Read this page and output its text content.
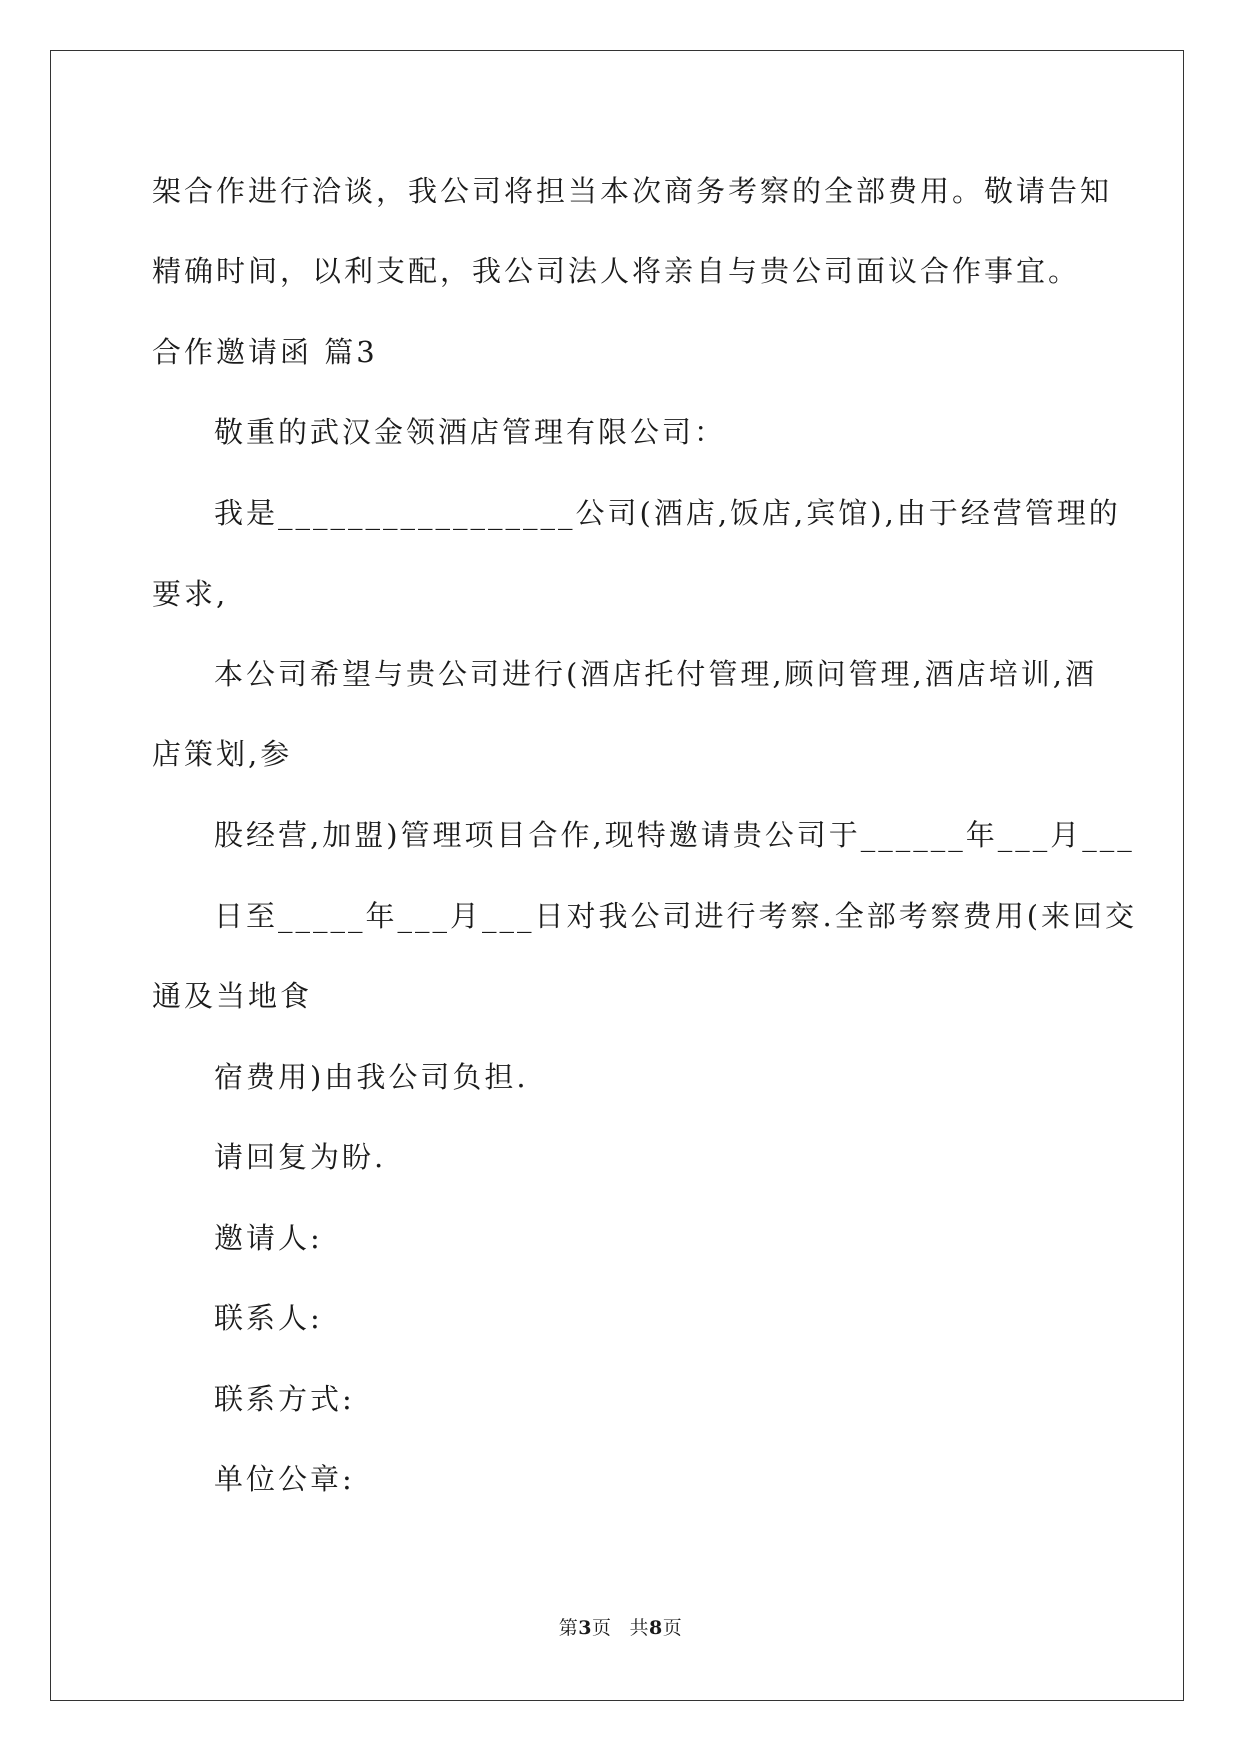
架合作进行洽谈，我公司将担当本次商务考察的全部费用。敬请告知
精确时间，以利支配，我公司法人将亲自与贵公司面议合作事宜。
合作邀请函 篇3
敬重的武汉金领酒店管理有限公司：
我是_________________公司(酒店,饭店,宾馆),由于经营管理的
要求,
本公司希望与贵公司进行(酒店托付管理,顾问管理,酒店培训,酒
店策划,参
股经营,加盟)管理项目合作,现特邀请贵公司于______年___月___
日至_____年___月___日对我公司进行考察.全部考察费用(来回交
通及当地食
宿费用)由我公司负担.
请回复为盼.
邀请人:
联系人:
联系方式:
单位公章:
第3页 共8页
